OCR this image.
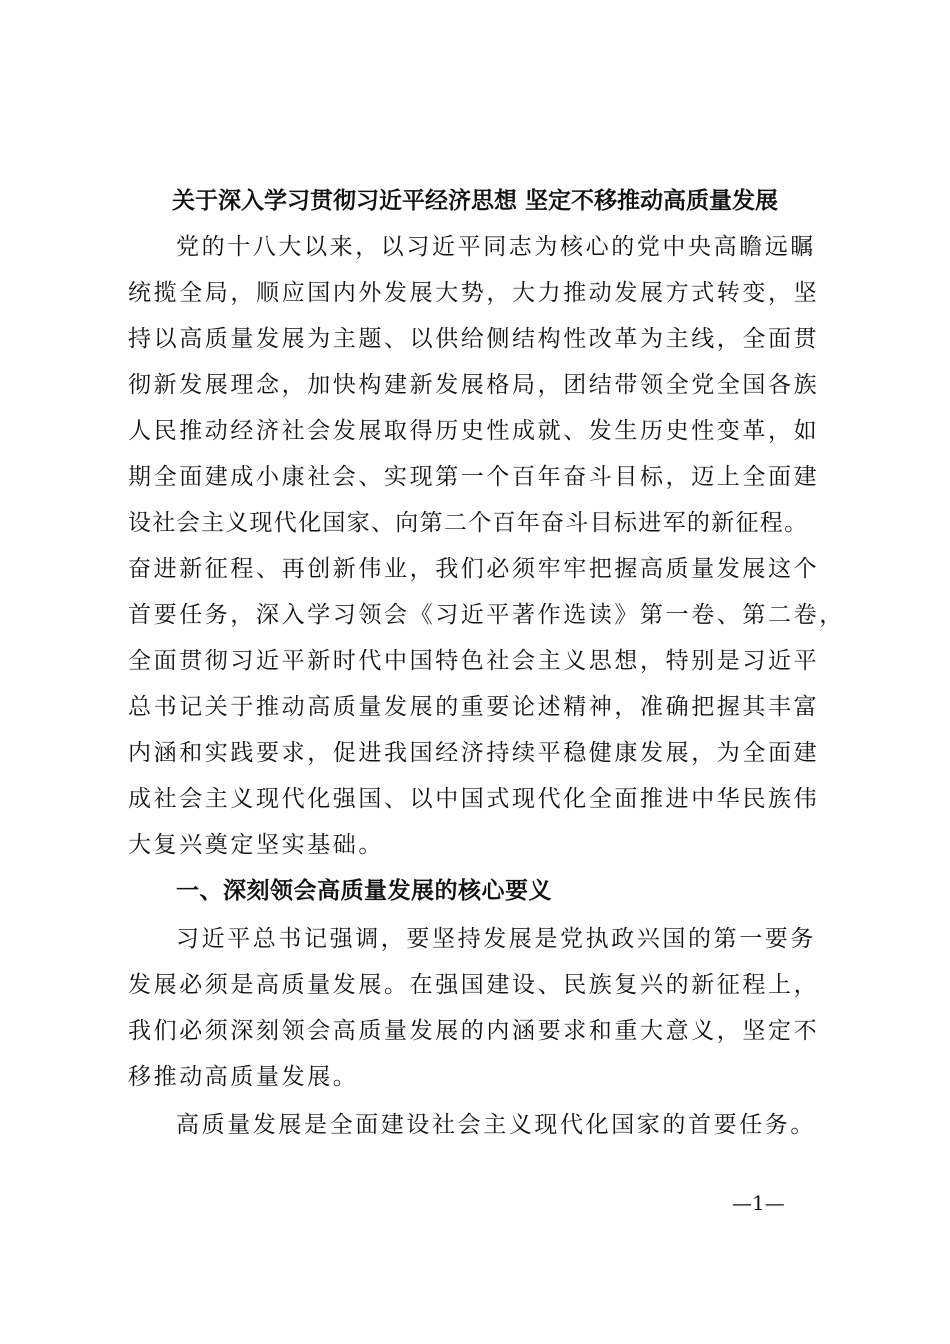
关于深入学习贯彻习近平经济思想 坚定不移推动高质量发展
党的十八大以来，以习近平同志为核心的党中央高瞻远瞩
统揽全局，顺应国内外发展大势，大力推动发展方式转变，坚
持以高质量发展为主题、以供给侧结构性改革为主线，全面贯
彻新发展理念，加快构建新发展格局，团结带领全党全国各族
人民推动经济社会发展取得历史性成就、发生历史性变革，如
期全面建成小康社会、实现第一个百年奋斗目标，迈上全面建
设社会主义现代化国家、向第二个百年奋斗目标进军的新征程。
奋进新征程、再创新伟业，我们必须牢牢把握高质量发展这个
首要任务，深入学习领会《习近平著作选读》第一卷、第二卷，
全面贯彻习近平新时代中国特色社会主义思想，特别是习近平
总书记关于推动高质量发展的重要论述精神，准确把握其丰富
内涵和实践要求，促进我国经济持续平稳健康发展，为全面建
成社会主义现代化强国、以中国式现代化全面推进中华民族伟
大复兴奠定坚实基础。
一、深刻领会高质量发展的核心要义
习近平总书记强调，要坚持发展是党执政兴国的第一要务
发展必须是高质量发展。在强国建设、民族复兴的新征程上，
我们必须深刻领会高质量发展的内涵要求和重大意义，坚定不
移推动高质量发展。
高质量发展是全面建设社会主义现代化国家的首要任务。
—1—
